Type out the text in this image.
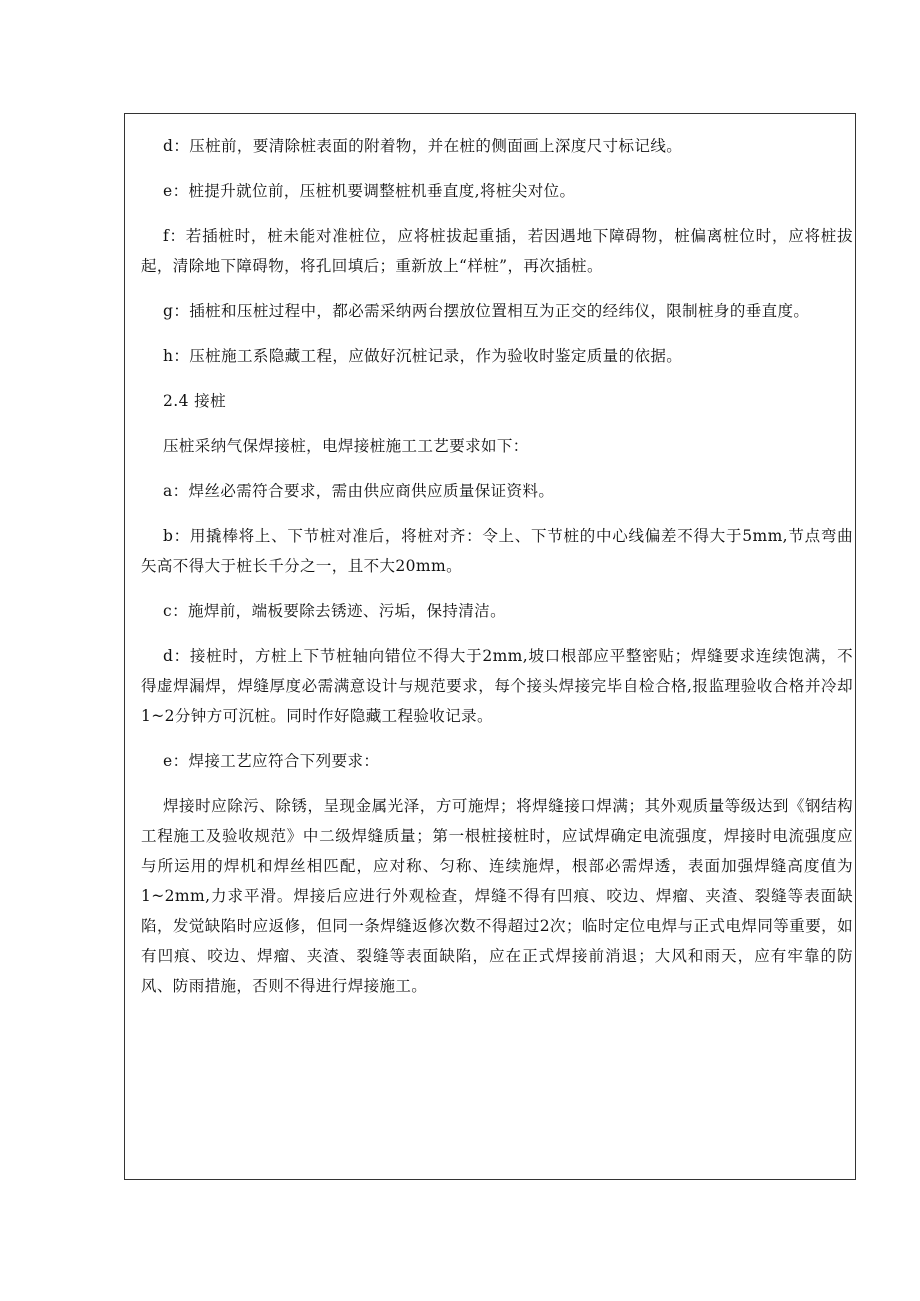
d：压桩前，要清除桩表面的附着物，并在桩的侧面画上深度尺寸标记线。

e：桩提升就位前，压桩机要调整桩机垂直度,将桩尖对位。

f：若插桩时，桩未能对准桩位，应将桩拔起重插，若因遇地下障碍物，桩偏离桩位时，应将桩拔起，清除地下障碍物，将孔回填后；重新放上“样桩”，再次插桩。

g：插桩和压桩过程中，都必需采纳两台摆放位置相互为正交的经纬仪，限制桩身的垂直度。

h：压桩施工系隐藏工程，应做好沉桩记录，作为验收时鉴定质量的依据。

2.4 接桩

压桩采纳气保焊接桩，电焊接桩施工工艺要求如下：

a：焊丝必需符合要求，需由供应商供应质量保证资料。

b：用撬棒将上、下节桩对准后，将桩对齐：令上、下节桩的中心线偏差不得大于5mm,节点弯曲矢高不得大于桩长千分之一，且不大20mm。

c：施焊前，端板要除去锈迹、污垢，保持清洁。

d：接桩时，方桩上下节桩轴向错位不得大于2mm,坡口根部应平整密贴；焊缝要求连续饱满，不得虚焊漏焊，焊缝厚度必需满意设计与规范要求，每个接头焊接完毕自检合格,报监理验收合格并冷却1~2分钟方可沉桩。同时作好隐藏工程验收记录。

e：焊接工艺应符合下列要求：

焊接时应除污、除锈，呈现金属光泽，方可施焊；将焊缝接口焊满；其外观质量等级达到《钢结构工程施工及验收规范》中二级焊缝质量；第一根桩接桩时，应试焊确定电流强度，焊接时电流强度应与所运用的焊机和焊丝相匹配，应对称、匀称、连续施焊，根部必需焊透，表面加强焊缝高度值为1~2mm,力求平滑。焊接后应进行外观检查，焊缝不得有凹痕、咬边、焊瘤、夹渣、裂缝等表面缺陷，发觉缺陷时应返修，但同一条焊缝返修次数不得超过2次；临时定位电焊与正式电焊同等重要，如有凹痕、咬边、焊瘤、夹渣、裂缝等表面缺陷，应在正式焊接前消退；大风和雨天，应有牢靠的防风、防雨措施，否则不得进行焊接施工。
